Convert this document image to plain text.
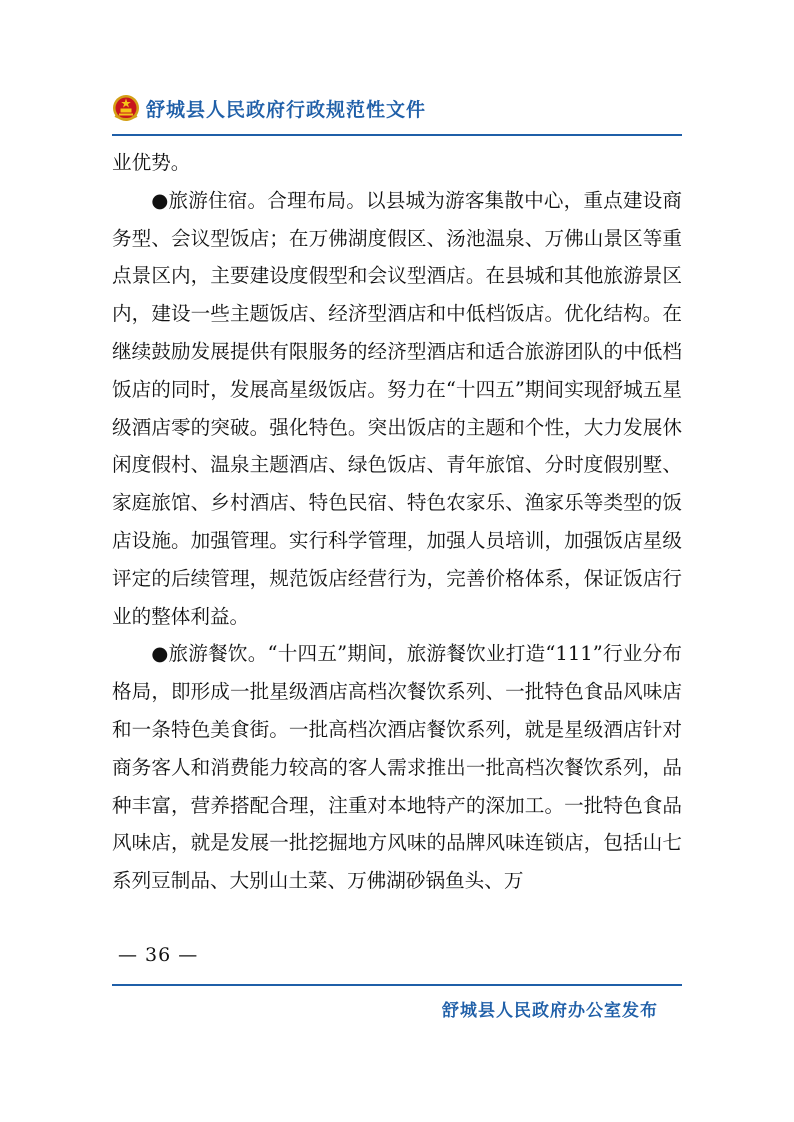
舒城县人民政府行政规范性文件

业优势。

●旅游住宿。合理布局。以县城为游客集散中心，重点建设商务型、会议型饭店；在万佛湖度假区、汤池温泉、万佛山景区等重点景区内，主要建设度假型和会议型酒店。在县城和其他旅游景区内，建设一些主题饭店、经济型酒店和中低档饭店。优化结构。在继续鼓励发展提供有限服务的经济型酒店和适合旅游团队的中低档饭店的同时，发展高星级饭店。努力在“十四五”期间实现舒城五星级酒店零的突破。强化特色。突出饭店的主题和个性，大力发展休闲度假村、温泉主题酒店、绿色饭店、青年旅馆、分时度假别墅、家庭旅馆、乡村酒店、特色民宿、特色农家乐、渔家乐等类型的饭店设施。加强管理。实行科学管理，加强人员培训，加强饭店星级评定的后续管理，规范饭店经营行为，完善价格体系，保证饭店行业的整体利益。

●旅游餐饮。“十四五”期间，旅游餐饮业打造“111”行业分布格局，即形成一批星级酒店高档次餐饮系列、一批特色食品风味店和一条特色美食街。一批高档次酒店餐饮系列，就是星级酒店针对商务客人和消费能力较高的客人需求推出一批高档次餐饮系列，品种丰富，营养搭配合理，注重对本地特产的深加工。一批特色食品风味店，就是发展一批挖掘地方风味的品牌风味连锁店，包括山七系列豆制品、大别山土菜、万佛湖砂锅鱼头、万

— 36 —
舒城县人民政府办公室发布
